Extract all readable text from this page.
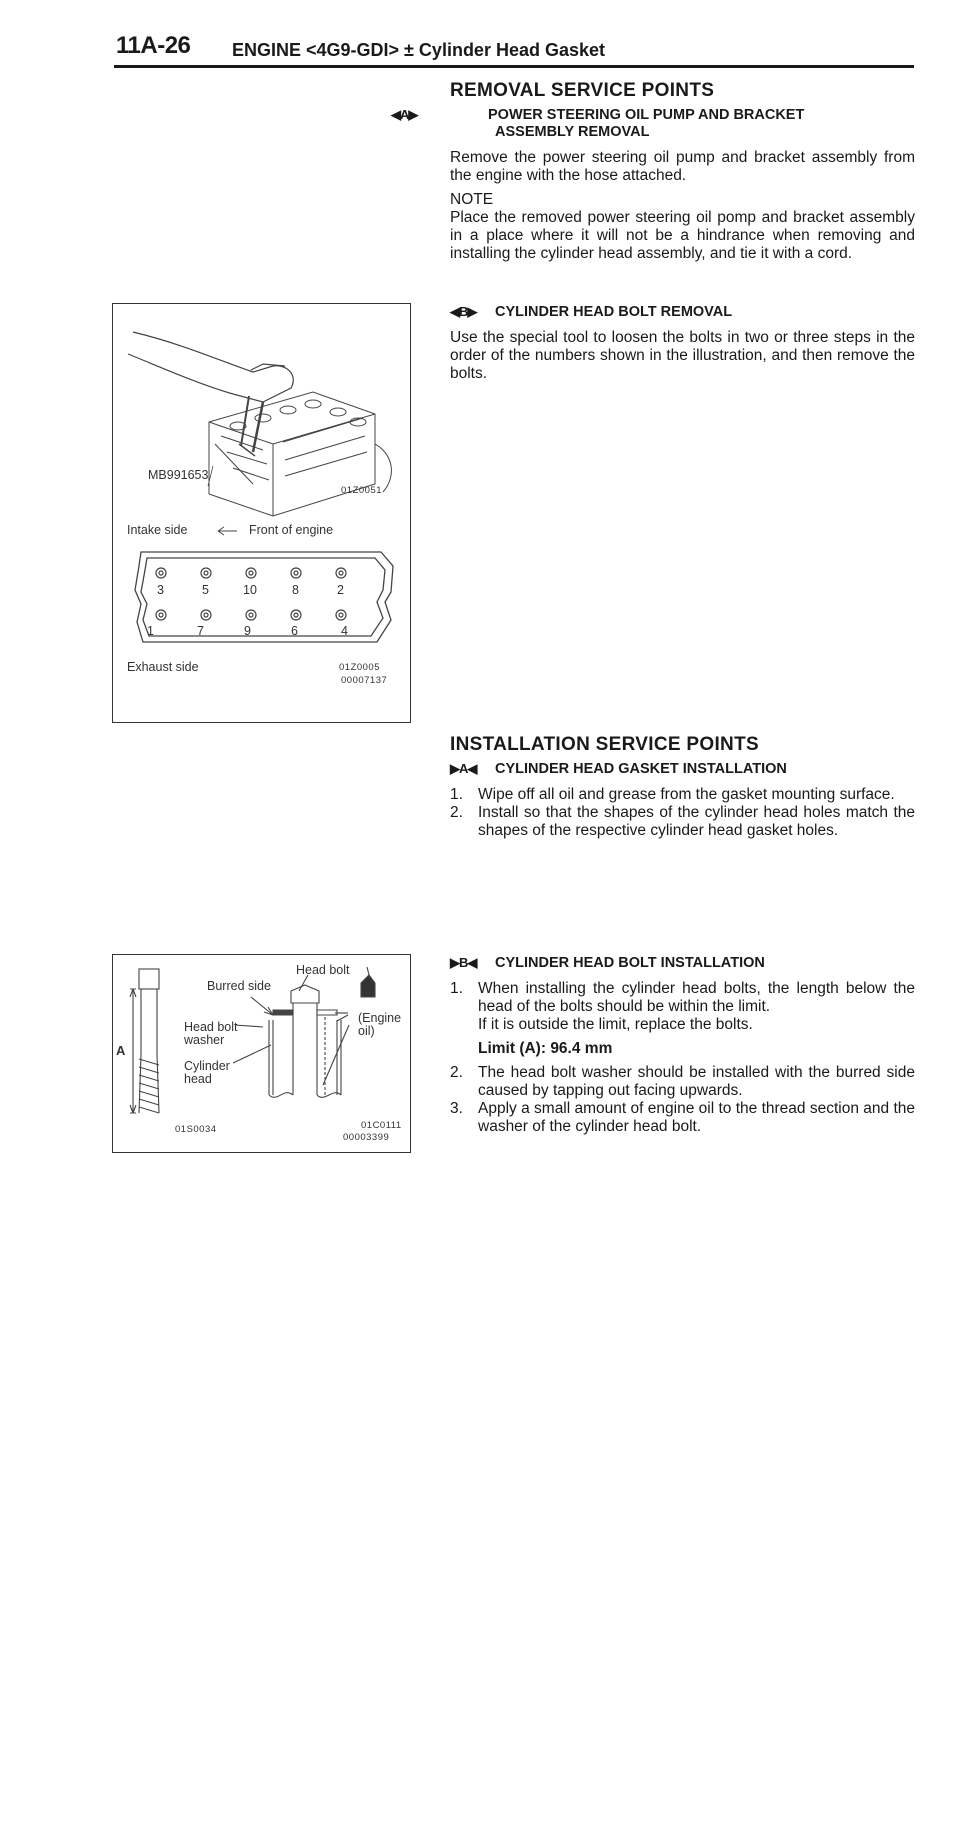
11A-26 ENGINE <4G9-GDI> ± Cylinder Head Gasket
REMOVAL SERVICE POINTS
◀A▶	POWER STEERING OIL PUMP AND BRACKET
ASSEMBLY REMOVAL

Remove the power steering oil pump and bracket assembly from the engine with the hose attached.

NOTE

Place the removed power steering oil pomp and bracket assembly in a place where it will not be a hindrance when removing and installing the cylinder head assembly, and tie it with a cord.

◀B▶ CYLINDER HEAD BOLT REMOVAL

Use the special tool to loosen the bolts in two or three steps in the order of the numbers shown in the illustration, and then remove the bolts.

INSTALLATION SERVICE POINTS
▶A◀ CYLINDER HEAD GASKET INSTALLATION
1. Wipe off all oil and grease from the gasket mounting surface.
2. Install so that the shapes of the cylinder head holes match the shapes of the respective cylinder head gasket holes.
▶B◀ CYLINDER HEAD BOLT INSTALLATION
1. When installing the cylinder head bolts, the length below the head of the bolts should be within the limit.
If it is outside the limit, replace the bolts.
Limit (A): 96.4 mm
2. The head bolt washer should be installed with the burred side caused by tapping out facing upwards.
3. Apply a small amount of engine oil to the thread section and the washer of the cylinder head bolt.
MB991653
01Z0051
Intake side	Front of engine
3	5	10	8	2
1	7	9	6	4
Exhaust side	01Z0005
00007137
Head bolt
Burred side
Head bolt
washer
(Engine
oil)
Cylinder
head
A
01S0034	01C0111
00003399
